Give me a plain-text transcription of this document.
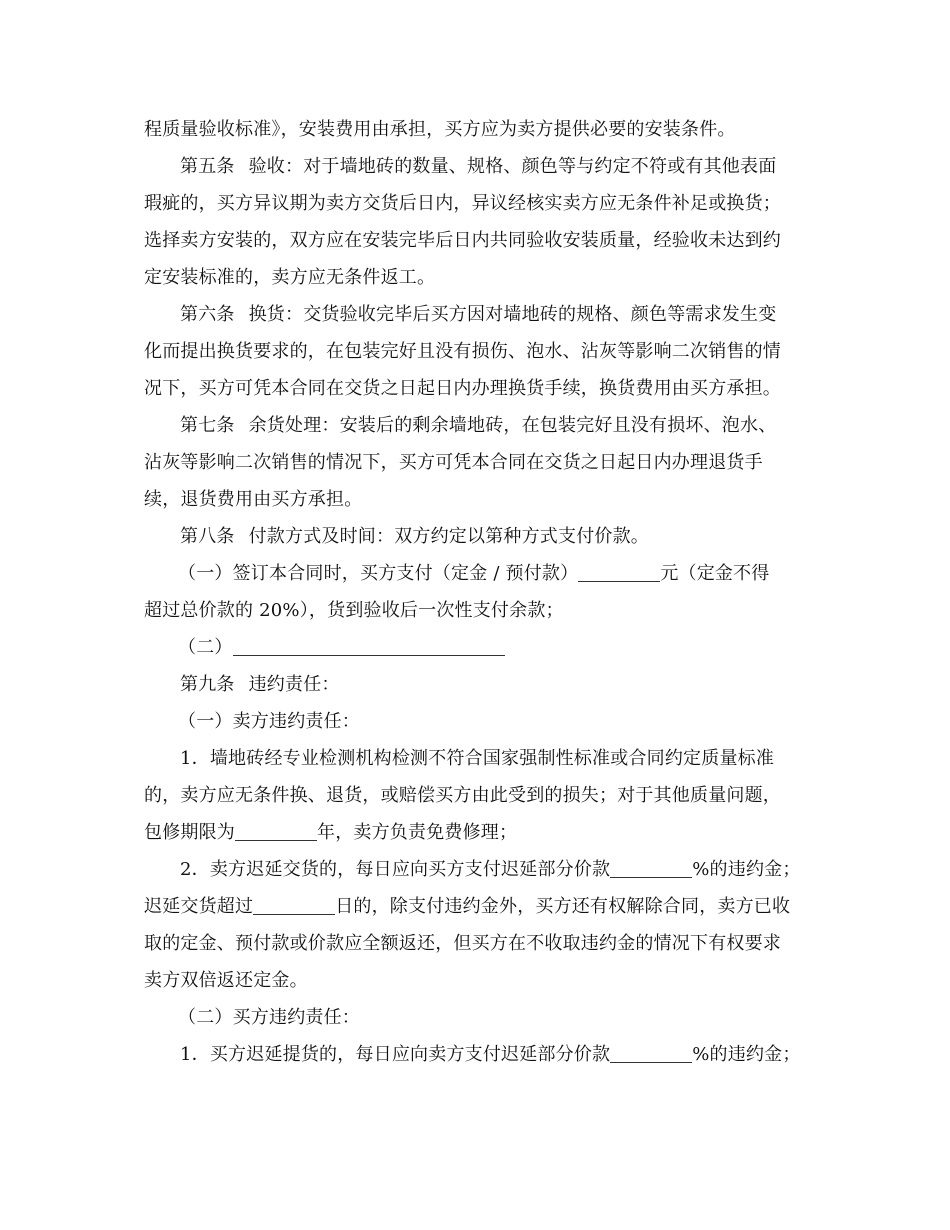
程质量验收标准》，安装费用由承担，买方应为卖方提供必要的安装条件。
第五条 验收：对于墙地砖的数量、规格、颜色等与约定不符或有其他表面
瑕疵的，买方异议期为卖方交货后日内，异议经核实卖方应无条件补足或换货；
选择卖方安装的，双方应在安装完毕后日内共同验收安装质量，经验收未达到约
定安装标准的，卖方应无条件返工。
第六条 换货：交货验收完毕后买方因对墙地砖的规格、颜色等需求发生变
化而提出换货要求的，在包装完好且没有损伤、泡水、沾灰等影响二次销售的情
况下，买方可凭本合同在交货之日起日内办理换货手续，换货费用由买方承担。
第七条 余货处理：安装后的剩余墙地砖，在包装完好且没有损坏、泡水、
沾灰等影响二次销售的情况下，买方可凭本合同在交货之日起日内办理退货手
续，退货费用由买方承担。
第八条 付款方式及时间：双方约定以第种方式支付价款。
（一）签订本合同时，买方支付（定金 / 预付款）	元（定金不得
超过总价款的 20%），货到验收后一次性支付余款；
（二）
第九条 违约责任：
（一）卖方违约责任：
1．墙地砖经专业检测机构检测不符合国家强制性标准或合同约定质量标准
的，卖方应无条件换、退货，或赔偿买方由此受到的损失；对于其他质量问题，
包修期限为	年，卖方负责免费修理；
2．卖方迟延交货的，每日应向买方支付迟延部分价款	%的违约金；
迟延交货超过	日的，除支付违约金外，买方还有权解除合同，卖方已收
取的定金、预付款或价款应全额返还，但买方在不收取违约金的情况下有权要求
卖方双倍返还定金。
（二）买方违约责任：
1．买方迟延提货的，每日应向卖方支付迟延部分价款	%的违约金；
